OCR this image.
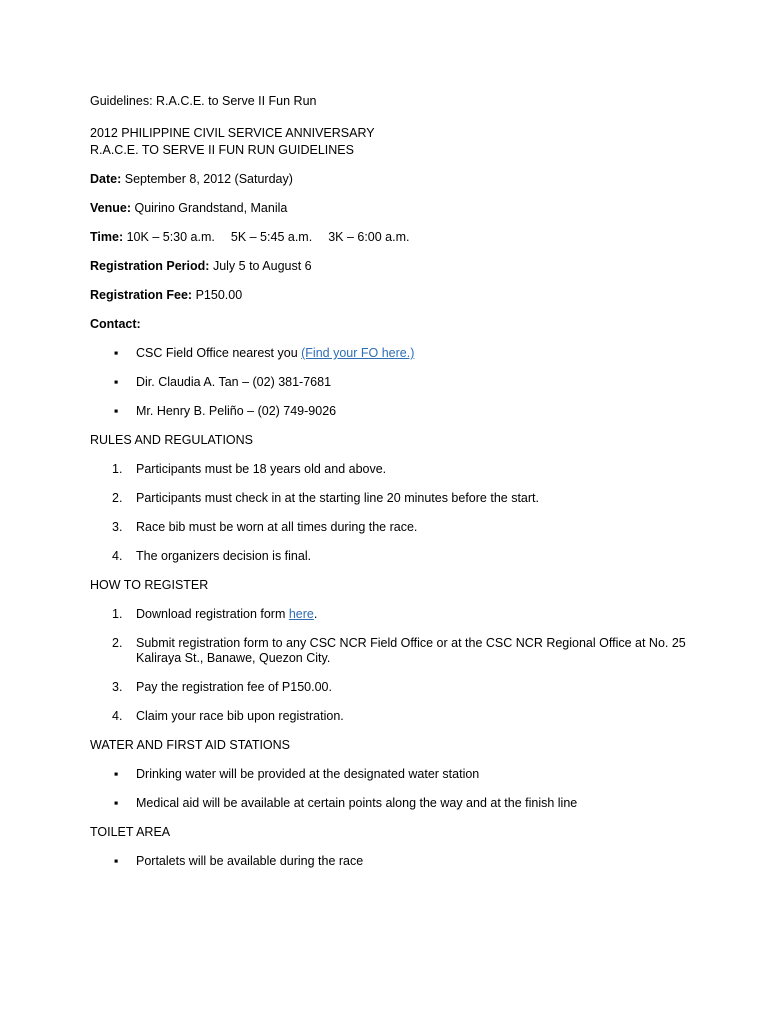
Guidelines: R.A.C.E. to Serve II Fun Run

2012 PHILIPPINE CIVIL SERVICE ANNIVERSARY

R.A.C.E. TO SERVE II FUN RUN GUIDELINES

Date: September 8, 2012 (Saturday)

Venue: Quirino Grandstand, Manila

Time: 10K – 5:30 a.m. 5K – 5:45 a.m. 3K – 6:00 a.m.

Registration Period: July 5 to August 6

Registration Fee: P150.00

Contact:

▪ CSC Field Office nearest you (Find your FO here.)
▪ Dir. Claudia A. Tan – (02) 381-7681
▪ Mr. Henry B. Peliño – (02) 749-9026

RULES AND REGULATIONS

1. Participants must be 18 years old and above.
2. Participants must check in at the starting line 20 minutes before the start.
3. Race bib must be worn at all times during the race.
4. The organizers decision is final.

HOW TO REGISTER

1. Download registration form here.
2. Submit registration form to any CSC NCR Field Office or at the CSC NCR Regional Office at No. 25 Kaliraya St., Banawe, Quezon City.
3. Pay the registration fee of P150.00.
4. Claim your race bib upon registration.

WATER AND FIRST AID STATIONS

▪ Drinking water will be provided at the designated water station
▪ Medical aid will be available at certain points along the way and at the finish line

TOILET AREA

▪ Portalets will be available during the race
